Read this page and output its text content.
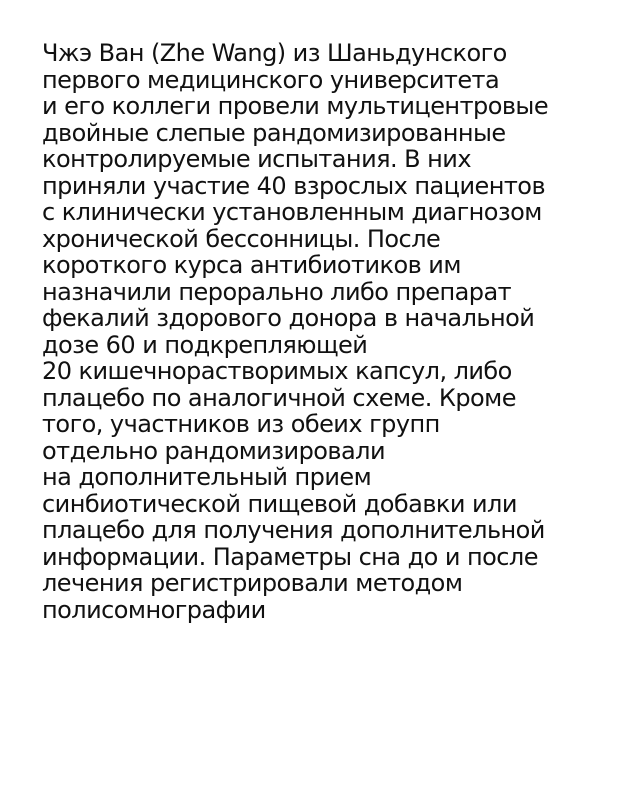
Чжэ Ван (Zhe Wang) из Шаньдунского
первого медицинского университета
и его коллеги провели мультицентровые
двойные слепые рандомизированные
контролируемые испытания. В них
приняли участие 40 взрослых пациентов
с клинически установленным диагнозом
хронической бессонницы. После
короткого курса антибиотиков им
назначили перорально либо препарат
фекалий здорового донора в начальной
дозе 60 и подкрепляющей
20 кишечнорастворимых капсул, либо
плацебо по аналогичной схеме. Кроме
того, участников из обеих групп
отдельно рандомизировали
на дополнительный прием
синбиотической пищевой добавки или
плацебо для получения дополнительной
информации. Параметры сна до и после
лечения регистрировали методом
полисомнографии
